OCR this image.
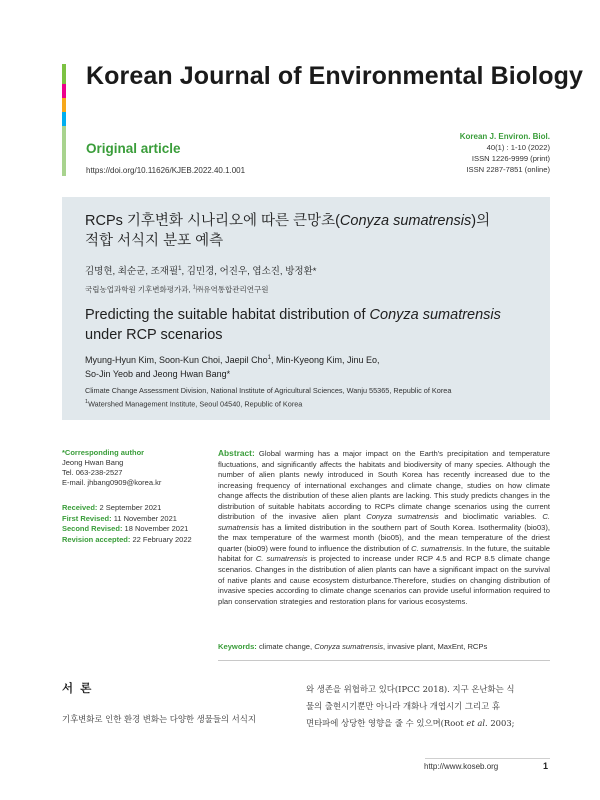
Korean Journal of Environmental Biology
Original article
https://doi.org/10.11626/KJEB.2022.40.1.001
Korean J. Environ. Biol.
40(1) : 1-10 (2022)
ISSN 1226-9999 (print)
ISSN 2287-7851 (online)
RCPs 기후변화 시나리오에 따른 큰망초(Conyza sumatrensis)의
적합 서식지 분포 예측
김명현, 최순군, 조재필$^1$, 김민경, 어진우, 엽소진, 방정환*
국립농업과학원 기후변화평가과, $^1$㈜유역통합관리연구원
Predicting the suitable habitat distribution of Conyza sumatrensis
under RCP scenarios
Myung-Hyun Kim, Soon-Kun Choi, Jaepil Cho$^1$, Min-Kyeong Kim, Jinu Eo,
So-Jin Yeob and Jeong Hwan Bang*
Climate Change Assessment Division, National Institute of Agricultural Sciences, Wanju 55365, Republic of Korea
$^1$Watershed Management Institute, Seoul 04540, Republic of Korea
*Corresponding author
Jeong Hwan Bang
Tel. 063-238-2527
E-mail. jhbang0909@korea.kr
Received: 2 September 2021
First Revised: 11 November 2021
Second Revised: 18 November 2021
Revision accepted: 22 February 2022
Abstract: Global warming has a major impact on the Earth's precipitation and temperature fluctuations, and significantly affects the habitats and biodiversity of many species. Although the number of alien plants newly introduced in South Korea has recently increased due to the increasing frequency of international exchanges and climate change, studies on how climate change affects the distribution of these alien plants are lacking. This study predicts changes in the distribution of suitable habitats according to RCPs climate change scenarios using the current distribution of the invasive alien plant Conyza sumatrensis and bioclimatic variables. C. sumatrensis has a limited distribution in the southern part of South Korea. Isothermality (bio03), the max temperature of the warmest month (bio05), and the mean temperature of the driest quarter (bio09) were found to influence the distribution of C. sumatrensis. In the future, the suitable habitat for C. sumatrensis is projected to increase under RCP 4.5 and RCP 8.5 climate change scenarios. Changes in the distribution of alien plants can have a significant impact on the survival of native plants and cause ecosystem disturbance.Therefore, studies on changing distribution of invasive species according to climate change scenarios can provide useful information required to plan conservation strategies and restoration plans for various ecosystems.
Keywords: climate change, Conyza sumatrensis, invasive plant, MaxEnt, RCPs
서 론
기후변화로 인한 환경 변화는 다양한 생물들의 서식지
와 생존을 위협하고 있다(IPCC 2018). 지구 온난화는 식
물의 출현시기뿐만 아니라 개화나 개엽시기 그리고 휴
면타파에 상당한 영향을 줄 수 있으며(Root et al. 2003;
http://www.koseb.org	1
